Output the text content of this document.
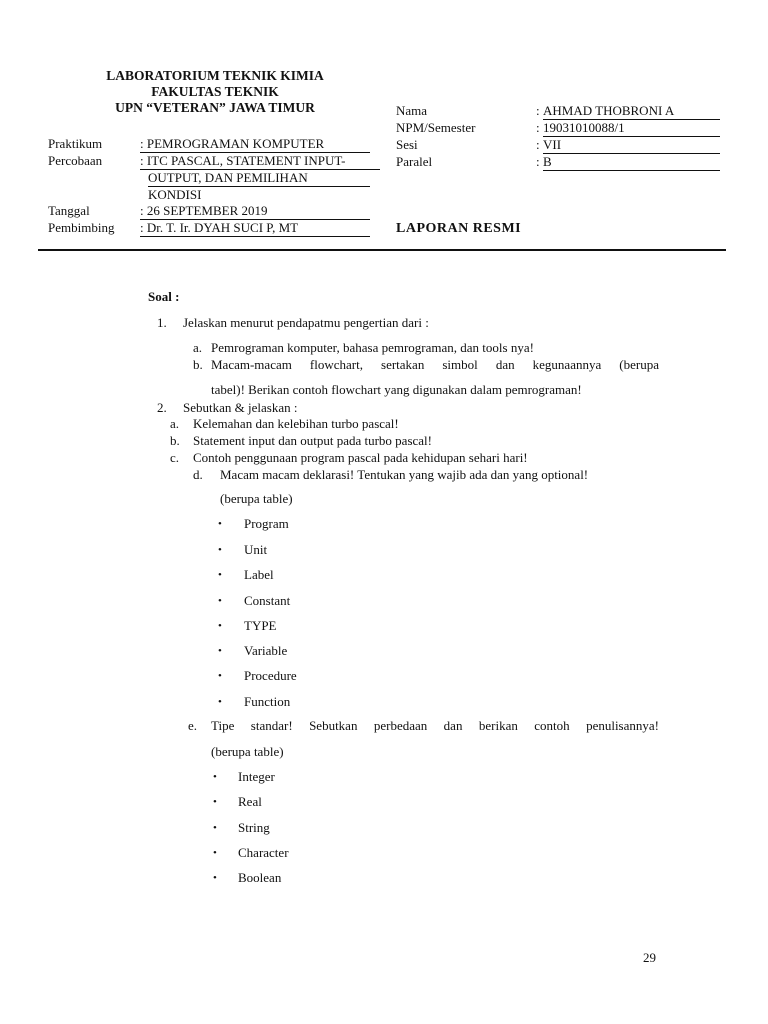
LABORATORIUM TEKNIK KIMIA
FAKULTAS TEKNIK
UPN “VETERAN” JAWA TIMUR
Praktikum	: PEMROGRAMAN KOMPUTER
Percobaan	: ITC PASCAL, STATEMENT INPUT-
OUTPUT, DAN PEMILIHAN
KONDISI
Tanggal	: 26 SEPTEMBER 2019
Pembimbing : Dr. T. Ir. DYAH SUCI P, MT
Nama	: AHMAD THOBRONI A
NPM/Semester	: 19031010088/1
Sesi	: VII
Paralel	: B
LAPORAN RESMI
Soal :
1. Jelaskan menurut pendapatmu pengertian dari :
a. Pemrograman komputer, bahasa pemrograman, dan tools nya!
b. Macam-macam flowchart, sertakan simbol dan kegunaannya (berupa
tabel)! Berikan contoh flowchart yang digunakan dalam pemrograman!
2. Sebutkan & jelaskan :
a. Kelemahan dan kelebihan turbo pascal!
b. Statement input dan output pada turbo pascal!
c. Contoh penggunaan program pascal pada kehidupan sehari hari!
d. Macam macam deklarasi! Tentukan yang wajib ada dan yang optional!
(berupa table)
• Program
• Unit
• Label
• Constant
• TYPE
• Variable
• Procedure
• Function
e. Tipe standar! Sebutkan perbedaan dan berikan contoh penulisannya!
(berupa table)
• Integer
• Real
• String
• Character
• Boolean
29
